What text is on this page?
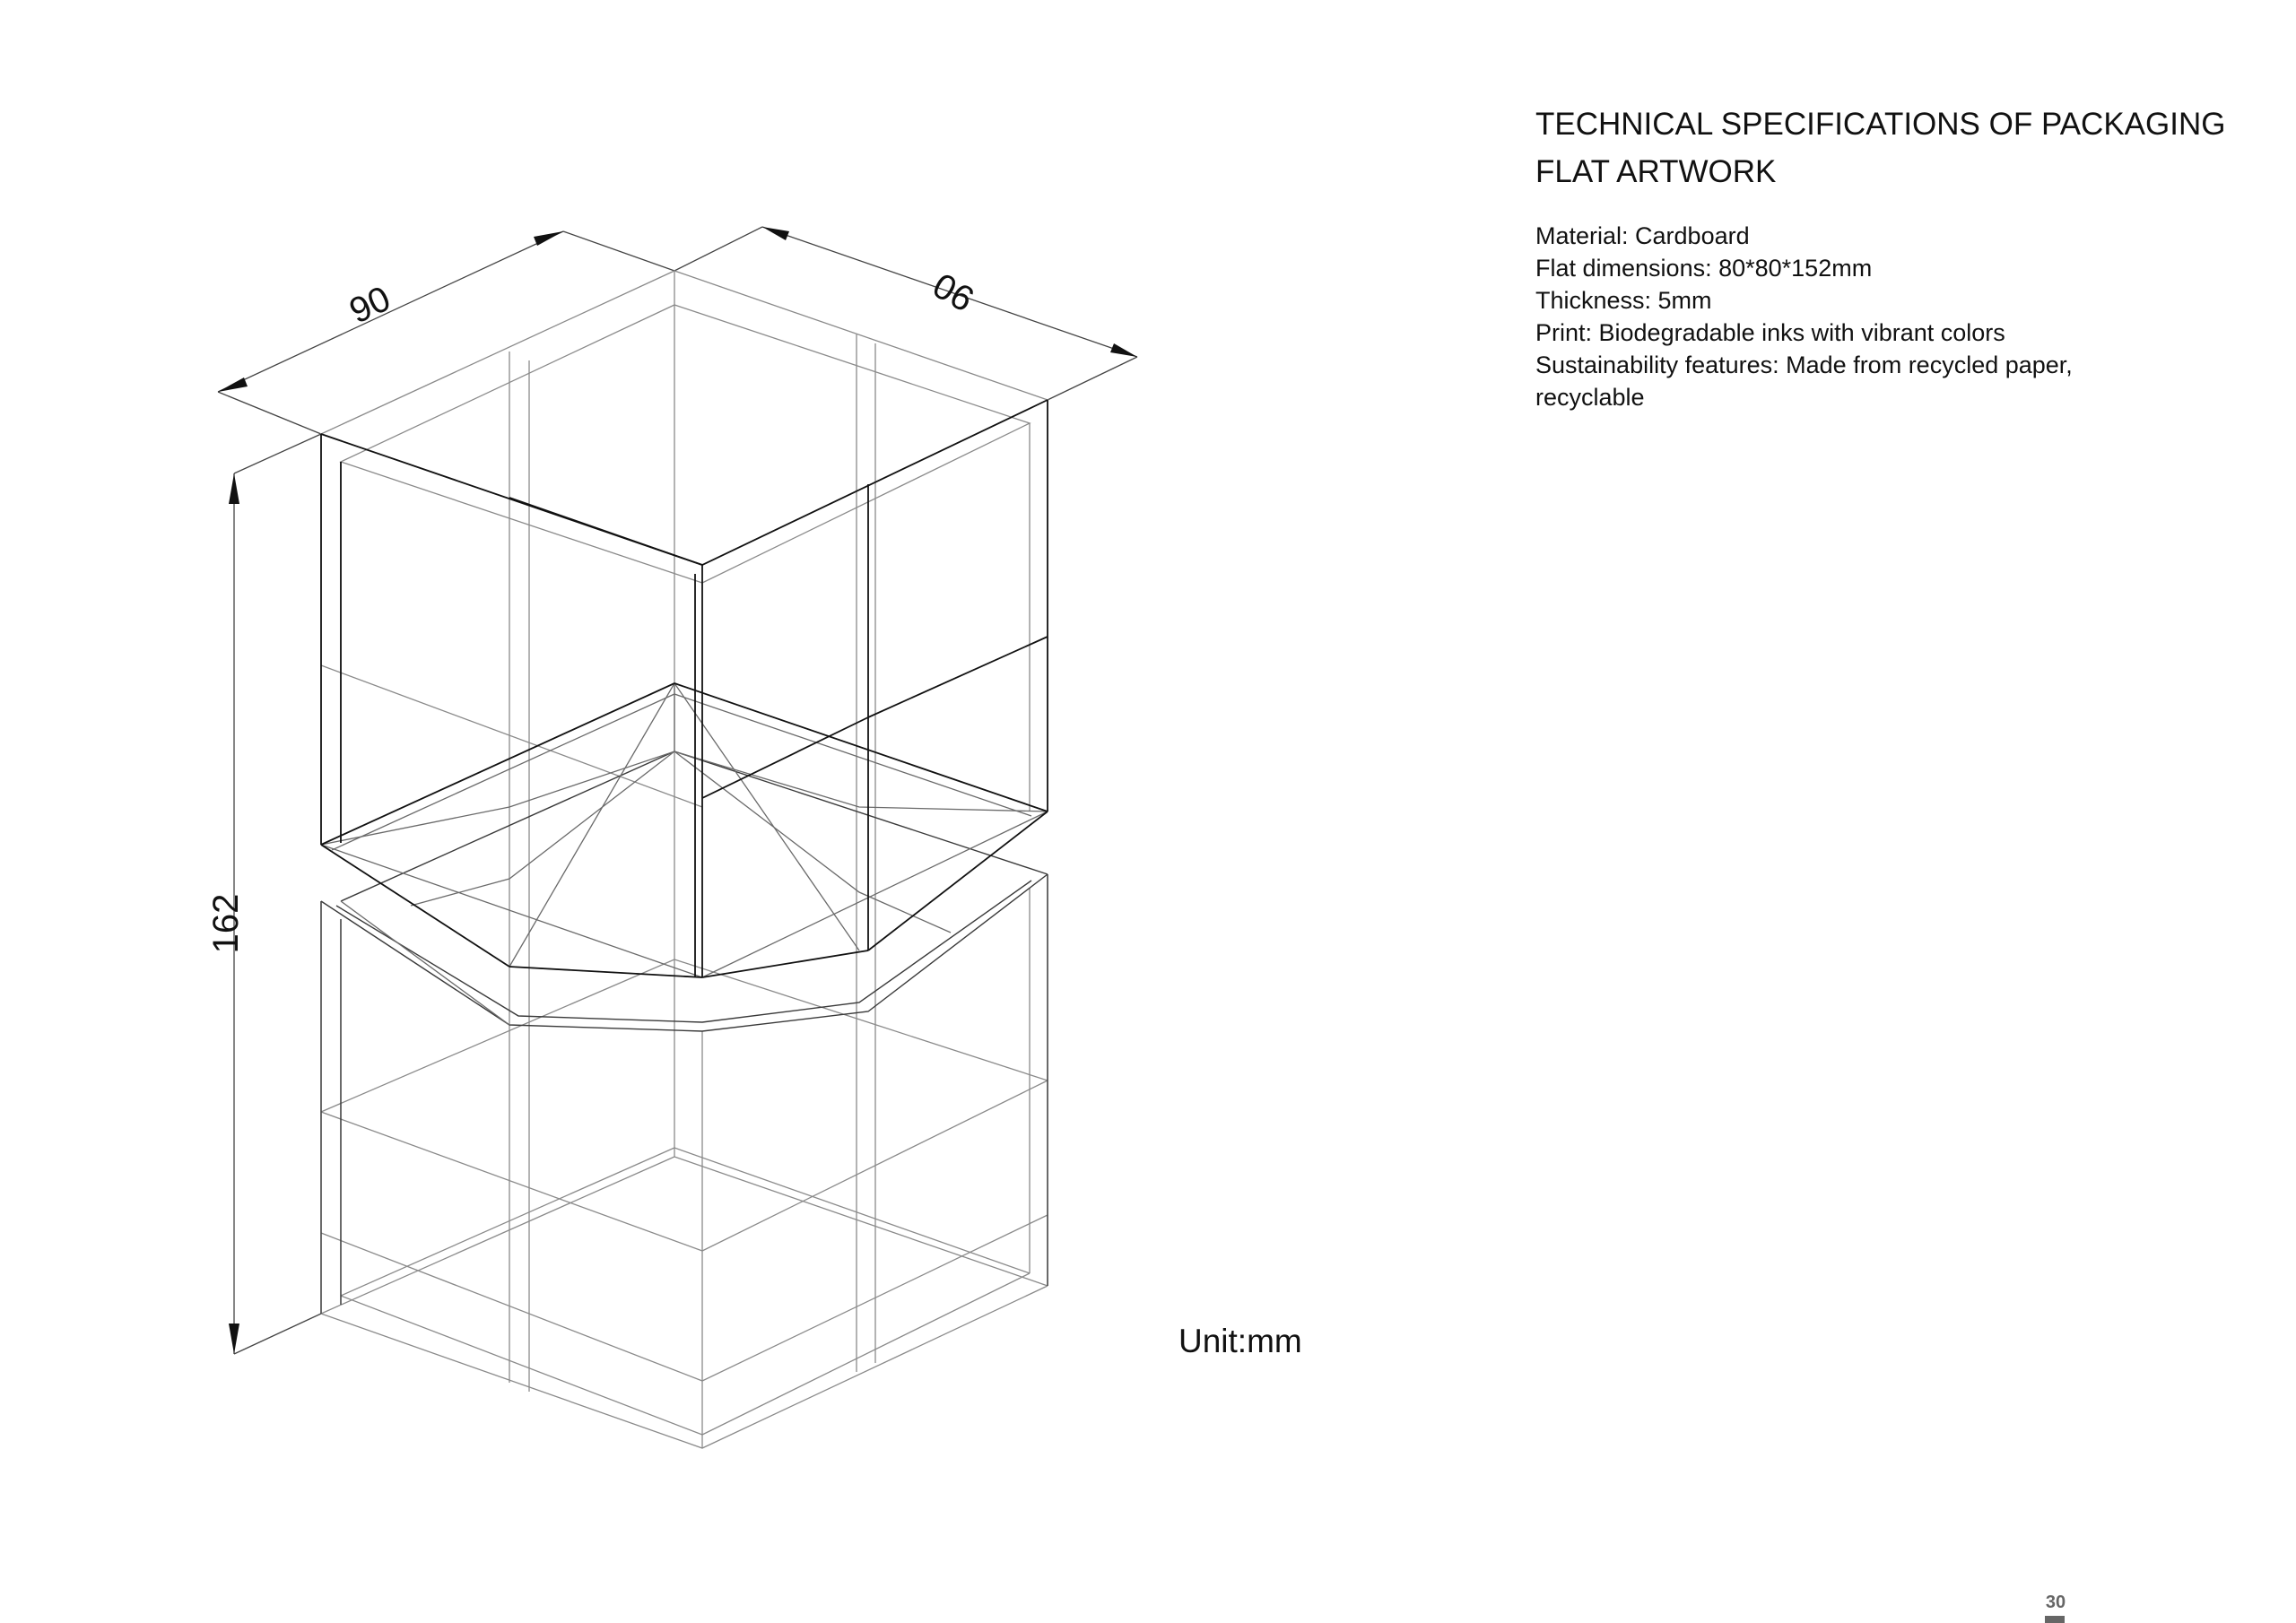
90	90
162
TECHNICAL SPECIFICATIONS OF PACKAGING
FLAT ARTWORK
Material: Cardboard
Flat dimensions: 80*80*152mm
Thickness: 5mm
Print: Biodegradable inks with vibrant colors
Sustainability features: Made from recycled paper,
recyclable
Unit:mm
30
